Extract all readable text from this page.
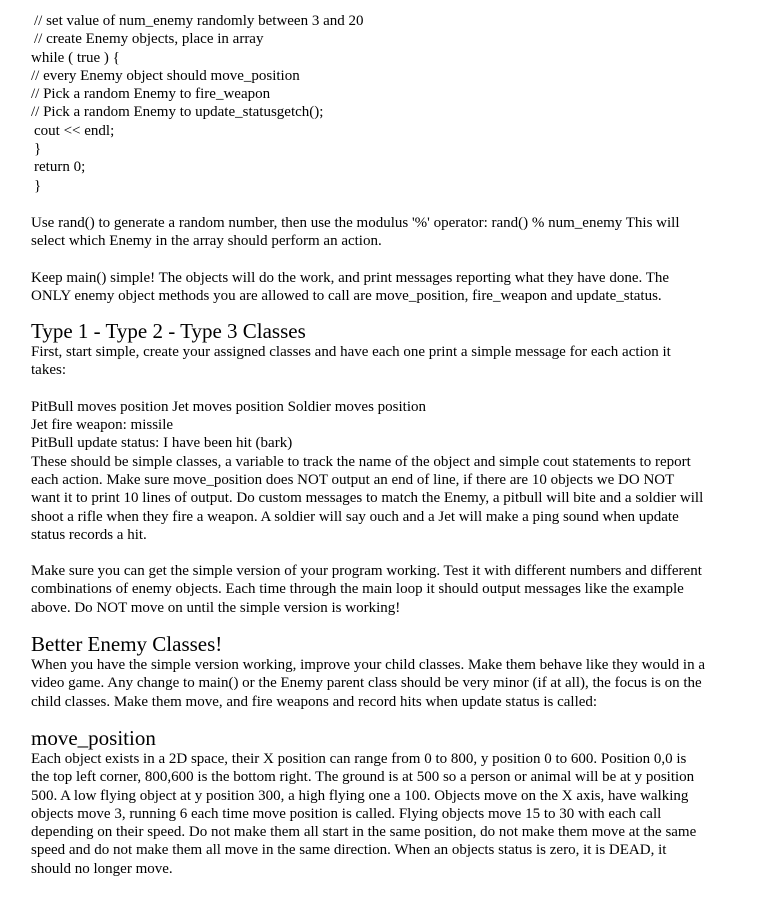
// set value of num_enemy randomly between 3 and 20
// create Enemy objects, place in array
while ( true ) {
// every Enemy object should move_position
// Pick a random Enemy to fire_weapon
// Pick a random Enemy to update_statusgetch();
cout << endl;
}
return 0;
}
Use rand() to generate a random number, then use the modulus '%' operator: rand() % num_enemy This will
select which Enemy in the array should perform an action.
Keep main() simple! The objects will do the work, and print messages reporting what they have done. The
ONLY enemy object methods you are allowed to call are move_position, fire_weapon and update_status.
Type 1 - Type 2 - Type 3 Classes
First, start simple, create your assigned classes and have each one print a simple message for each action it
takes:
PitBull moves position Jet moves position Soldier moves position
Jet fire weapon: missile
PitBull update status: I have been hit (bark)
These should be simple classes, a variable to track the name of the object and simple cout statements to report
each action. Make sure move_position does NOT output an end of line, if there are 10 objects we DO NOT
want it to print 10 lines of output. Do custom messages to match the Enemy, a pitbull will bite and a soldier will
shoot a rifle when they fire a weapon. A soldier will say ouch and a Jet will make a ping sound when update
status records a hit.
Make sure you can get the simple version of your program working. Test it with different numbers and different
combinations of enemy objects. Each time through the main loop it should output messages like the example
above. Do NOT move on until the simple version is working!
Better Enemy Classes!
When you have the simple version working, improve your child classes. Make them behave like they would in a
video game. Any change to main() or the Enemy parent class should be very minor (if at all), the focus is on the
child classes. Make them move, and fire weapons and record hits when update status is called:
move_position
Each object exists in a 2D space, their X position can range from 0 to 800, y position 0 to 600. Position 0,0 is
the top left corner, 800,600 is the bottom right. The ground is at 500 so a person or animal will be at y position
500. A low flying object at y position 300, a high flying one a 100. Objects move on the X axis, have walking
objects move 3, running 6 each time move position is called. Flying objects move 15 to 30 with each call
depending on their speed. Do not make them all start in the same position, do not make them move at the same
speed and do not make them all move in the same direction. When an objects status is zero, it is DEAD, it
should no longer move.
